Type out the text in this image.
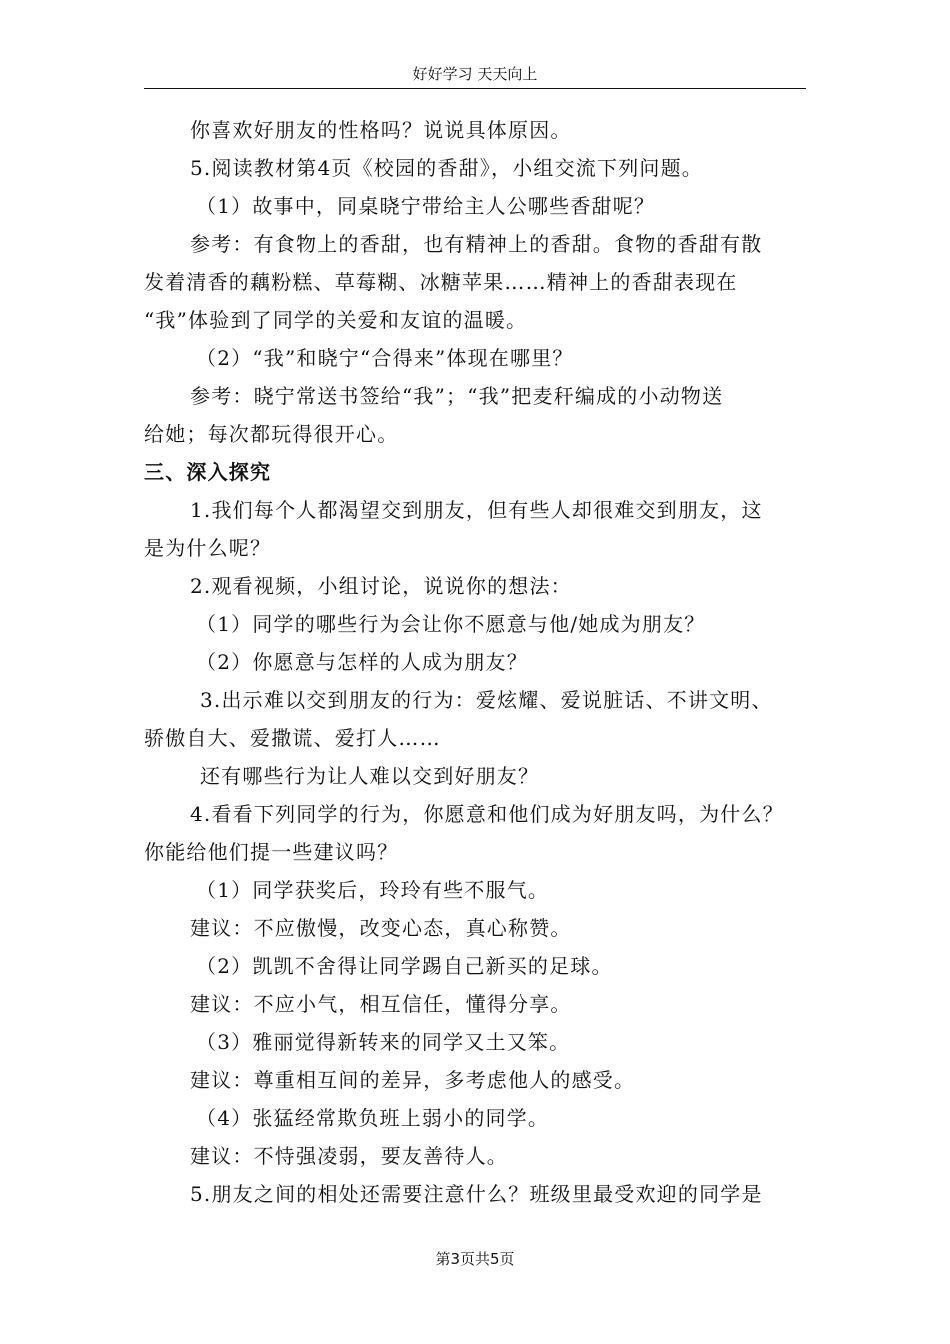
好好学习 天天向上
你喜欢好朋友的性格吗？说说具体原因。
5.阅读教材第4页《校园的香甜》，小组交流下列问题。
（1）故事中，同桌晓宁带给主人公哪些香甜呢？
参考：有食物上的香甜，也有精神上的香甜。食物的香甜有散
发着清香的藕粉糕、草莓糊、冰糖苹果……精神上的香甜表现在
“我”体验到了同学的关爱和友谊的温暖。
（2）“我”和晓宁“合得来”体现在哪里？
参考：晓宁常送书签给“我”；“我”把麦秆编成的小动物送
给她；每次都玩得很开心。
三、深入探究
1.我们每个人都渴望交到朋友，但有些人却很难交到朋友，这
是为什么呢？
2.观看视频，小组讨论，说说你的想法：
（1）同学的哪些行为会让你不愿意与他/她成为朋友？
（2）你愿意与怎样的人成为朋友？
3.出示难以交到朋友的行为：爱炫耀、爱说脏话、不讲文明、
骄傲自大、爱撒谎、爱打人……
还有哪些行为让人难以交到好朋友？
4.看看下列同学的行为，你愿意和他们成为好朋友吗，为什么？
你能给他们提一些建议吗？
（1）同学获奖后，玲玲有些不服气。
建议：不应傲慢，改变心态，真心称赞。
（2）凯凯不舍得让同学踢自己新买的足球。
建议：不应小气，相互信任，懂得分享。
（3）雅丽觉得新转来的同学又土又笨。
建议：尊重相互间的差异，多考虑他人的感受。
（4）张猛经常欺负班上弱小的同学。
建议：不恃强凌弱，要友善待人。
5.朋友之间的相处还需要注意什么？班级里最受欢迎的同学是
第3页共5页
